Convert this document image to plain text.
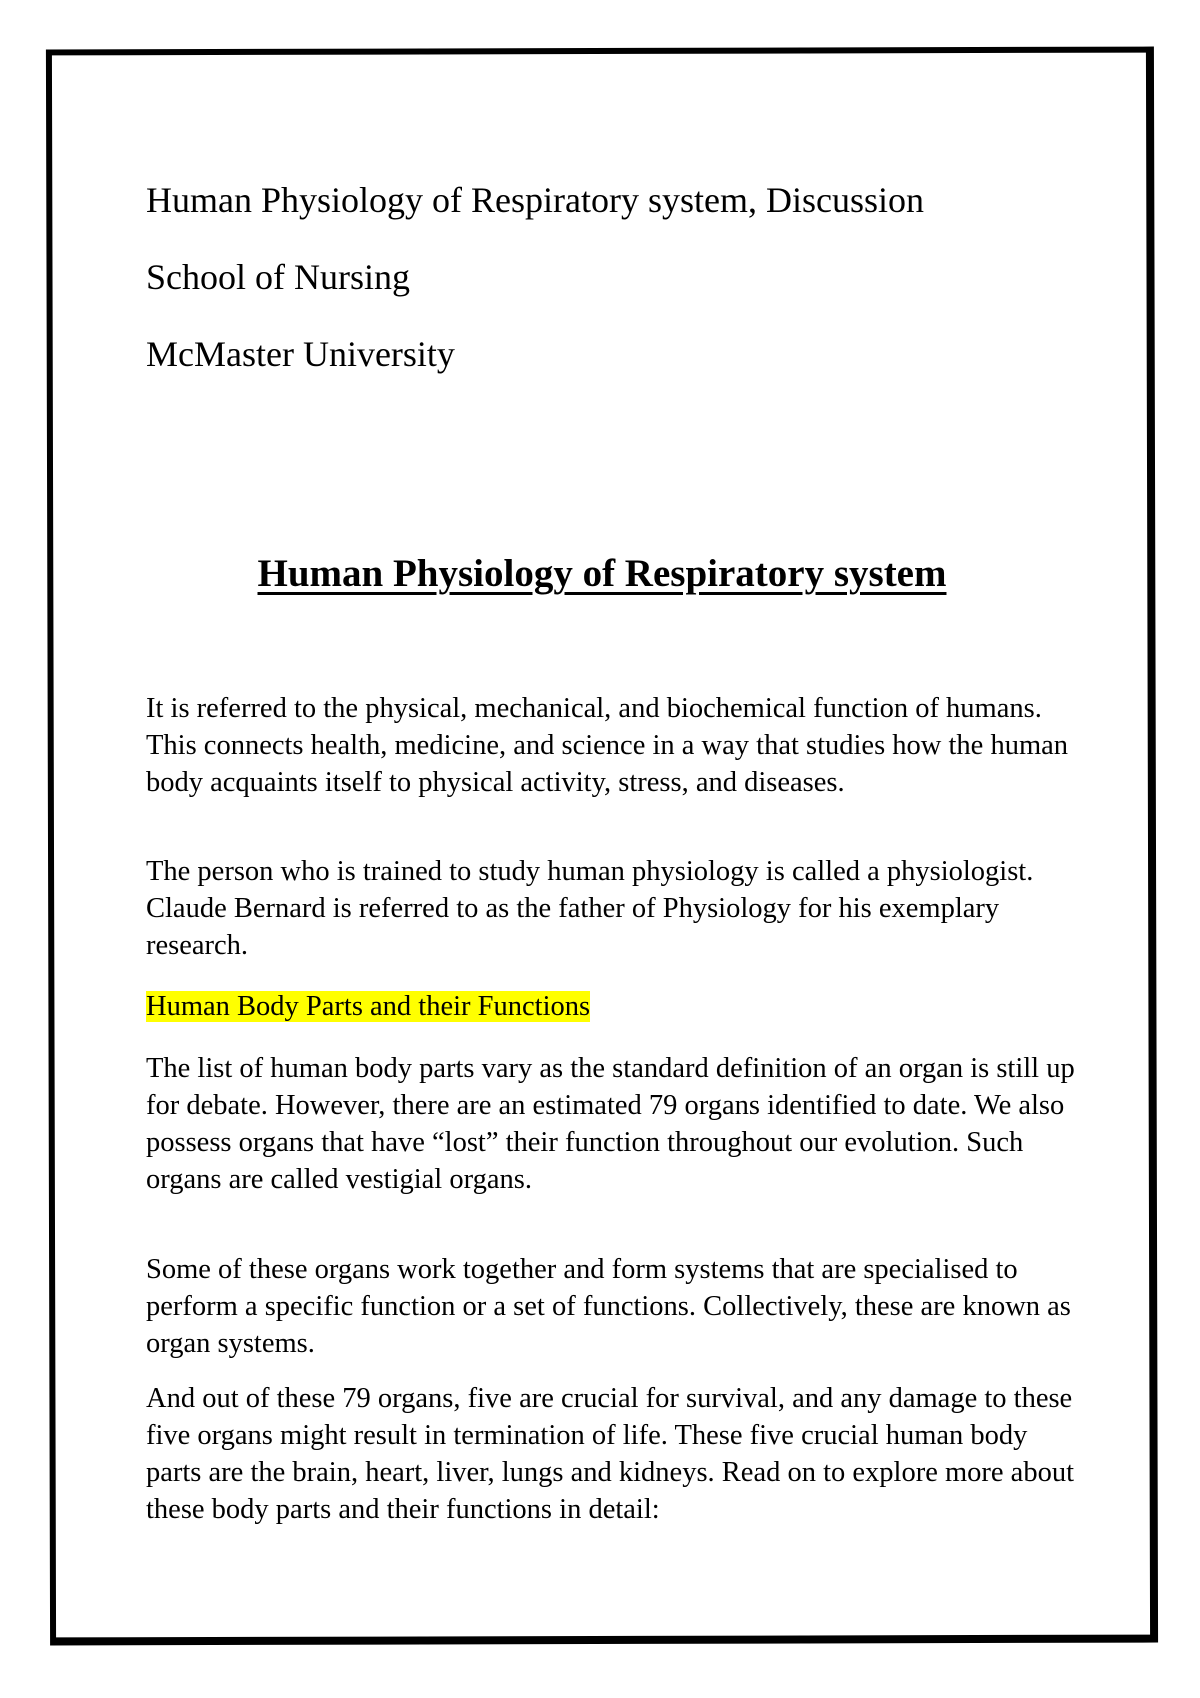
Human Physiology of Respiratory system, Discussion
School of Nursing
McMaster University
Human Physiology of Respiratory system

It is referred to the physical, mechanical, and biochemical function of humans. This connects health, medicine, and science in a way that studies how the human body acquaints itself to physical activity, stress, and diseases.

The person who is trained to study human physiology is called a physiologist. Claude Bernard is referred to as the father of Physiology for his exemplary research.

Human Body Parts and their Functions

The list of human body parts vary as the standard definition of an organ is still up for debate. However, there are an estimated 79 organs identified to date. We also possess organs that have “lost” their function throughout our evolution. Such organs are called vestigial organs.

Some of these organs work together and form systems that are specialised to perform a specific function or a set of functions. Collectively, these are known as organ systems.

And out of these 79 organs, five are crucial for survival, and any damage to these five organs might result in termination of life. These five crucial human body parts are the brain, heart, liver, lungs and kidneys. Read on to explore more about these body parts and their functions in detail:
